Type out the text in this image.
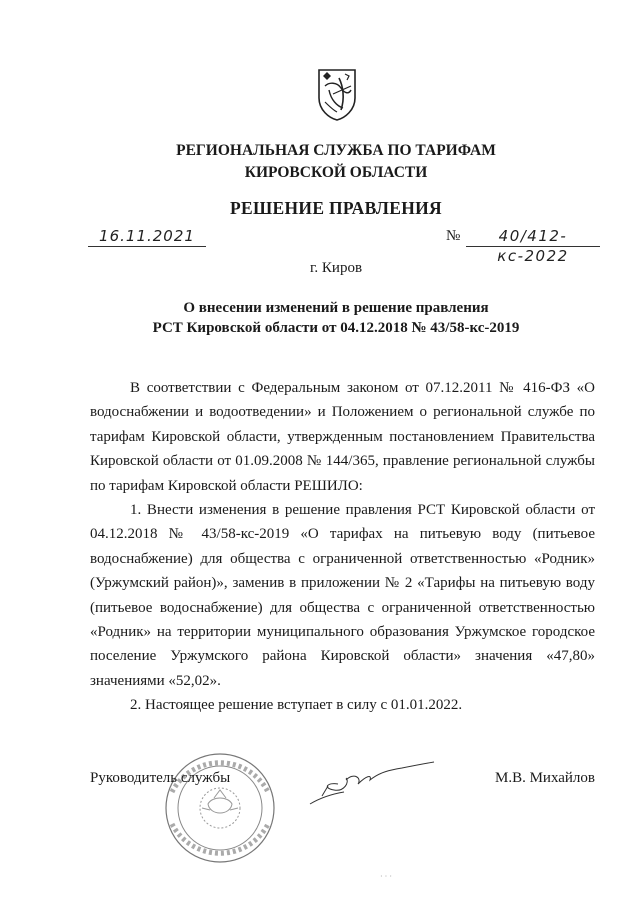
РЕГИОНАЛЬНАЯ СЛУЖБА ПО ТАРИФАМ
КИРОВСКОЙ ОБЛАСТИ
РЕШЕНИЕ ПРАВЛЕНИЯ
16.11.2021	№	40/412-кс-2022
г. Киров
О внесении изменений в решение правления
РСТ Кировской области от 04.12.2018 № 43/58-кс-2019

В соответствии с Федеральным законом от 07.12.2011 № 416-ФЗ «О водоснабжении и водоотведении» и Положением о региональной службе по тарифам Кировской области, утвержденным постановлением Правительства Кировской области от 01.09.2008 № 144/365, правление региональной службы по тарифам Кировской области РЕШИЛО:

1. Внести изменения в решение правления РСТ Кировской области от 04.12.2018 № 43/58-кс-2019 «О тарифах на питьевую воду (питьевое водоснабжение) для общества с ограниченной ответственностью «Родник» (Уржумский район)», заменив в приложении № 2 «Тарифы на питьевую воду (питьевое водоснабжение) для общества с ограниченной ответственностью «Родник» на территории муниципального образования Уржумское городское поселение Уржумского района Кировской области» значения «47,80» значениями «52,02».

2. Настоящее решение вступает в силу с 01.01.2022.

Руководитель службы	М.В. Михайлов
· · ·
